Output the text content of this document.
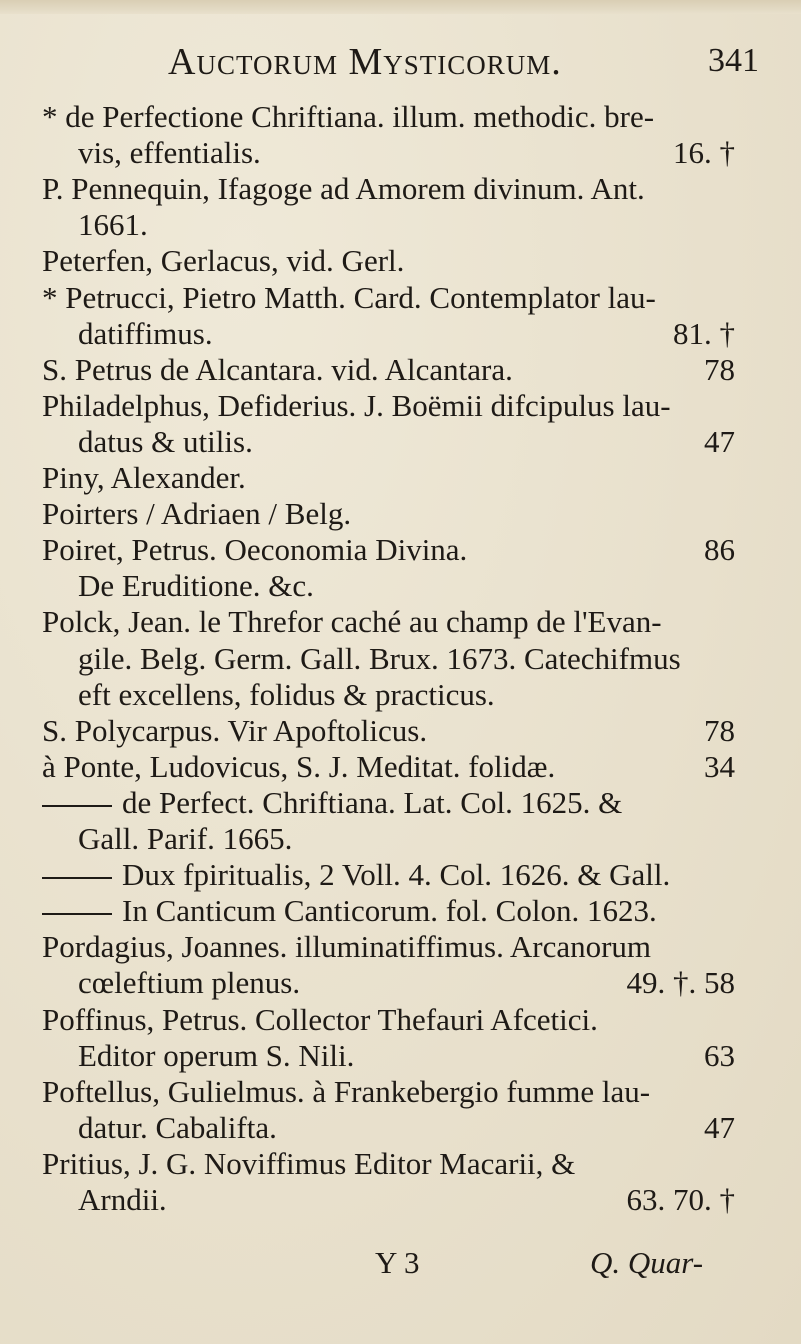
Auctorum Mysticorum.	341
* de Perfectione Chriftiana. illum. methodic. bre-
vis, effentialis.	16. †
P. Pennequin, Ifagoge ad Amorem divinum. Ant.
1661.
Peterfen, Gerlacus, vid. Gerl.
* Petrucci, Pietro Matth. Card. Contemplator lau-
datiffimus.	81. †
S. Petrus de Alcantara. vid. Alcantara.	78
Philadelphus, Defiderius. J. Boëmii difcipulus lau-
datus & utilis.	47
Piny, Alexander.
Poirters / Adriaen / Belg.
Poiret, Petrus. Oeconomia Divina.	86
De Eruditione. &c.
Polck, Jean. le Threfor caché au champ de l'Evan-
gile. Belg. Germ. Gall. Brux. 1673. Catechifmus
eft excellens, folidus & practicus.
S. Polycarpus. Vir Apoftolicus.	78
à Ponte, Ludovicus, S. J. Meditat. folidæ.	34
de Perfect. Chriftiana. Lat. Col. 1625. &
Gall. Parif. 1665.
Dux fpiritualis, 2 Voll. 4. Col. 1626. & Gall.
In Canticum Canticorum. fol. Colon. 1623.
Pordagius, Joannes. illuminatiffimus. Arcanorum
cœleftium plenus.	49. †. 58
Poffinus, Petrus. Collector Thefauri Afcetici.
Editor operum S. Nili.	63
Poftellus, Gulielmus. à Frankebergio fumme lau-
datur. Cabalifta.	47
Pritius, J. G. Noviffimus Editor Macarii, &
Arndii.	63. 70. †
Y 3	Q. Quar-
